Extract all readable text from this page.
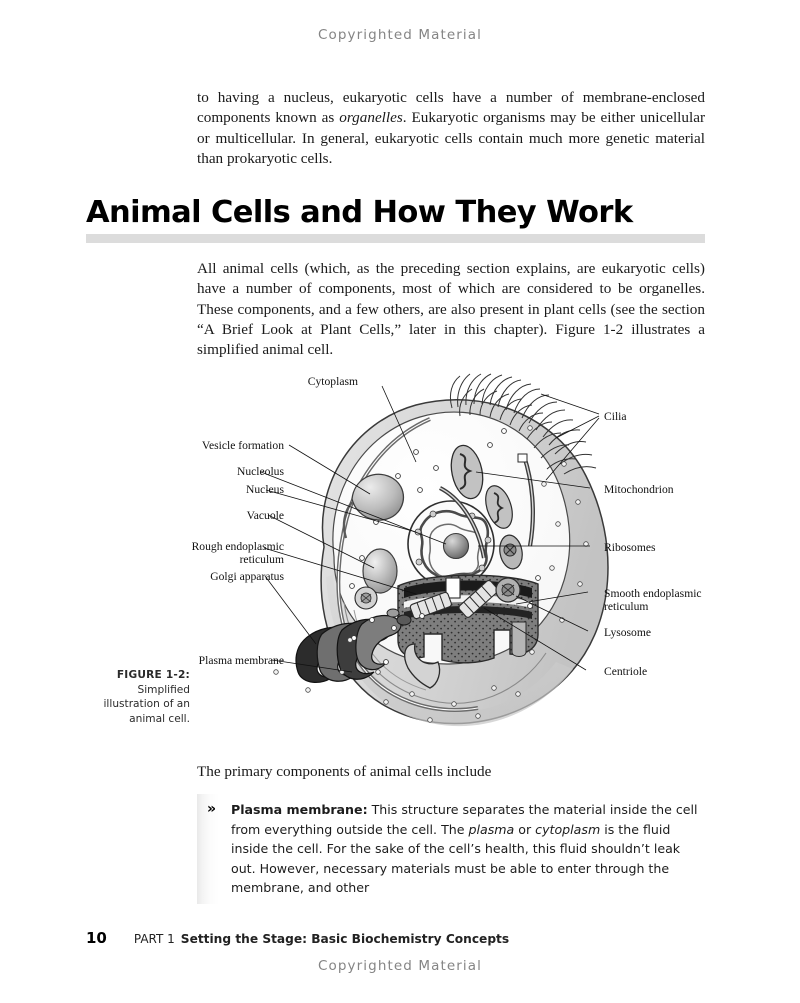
Copyrighted Material

to having a nucleus, eukaryotic cells have a number of membrane-enclosed components known as organelles. Eukaryotic organisms may be either unicellular or multicellular. In general, eukaryotic cells contain much more genetic material than prokaryotic cells.

Animal Cells and How They Work

All animal cells (which, as the preceding section explains, are eukaryotic cells) have a number of components, most of which are considered to be organelles. These components, and a few others, are also present in plant cells (see the section “A Brief Look at Plant Cells,” later in this chapter). Figure 1-2 illustrates a simplified animal cell.

Cytoplasm
Vesicle formation
Nucleolus
Nucleus
Vacuole
Rough endoplasmic
reticulum
Golgi apparatus
Plasma membrane
Cilia
Mitochondrion
Ribosomes
Smooth endoplasmic
reticulum
Lysosome
Centriole
FIGURE 1-2: Simplified illustration of an animal cell.

The primary components of animal cells include

»	Plasma membrane: This structure separates the material inside the cell from everything outside the cell. The plasma or cytoplasm is the fluid inside the cell. For the sake of the cell’s health, this fluid shouldn’t leak out. However, necessary materials must be able to enter through the membrane, and other
10 PART 1 Setting the Stage: Basic Biochemistry Concepts
Copyrighted Material
